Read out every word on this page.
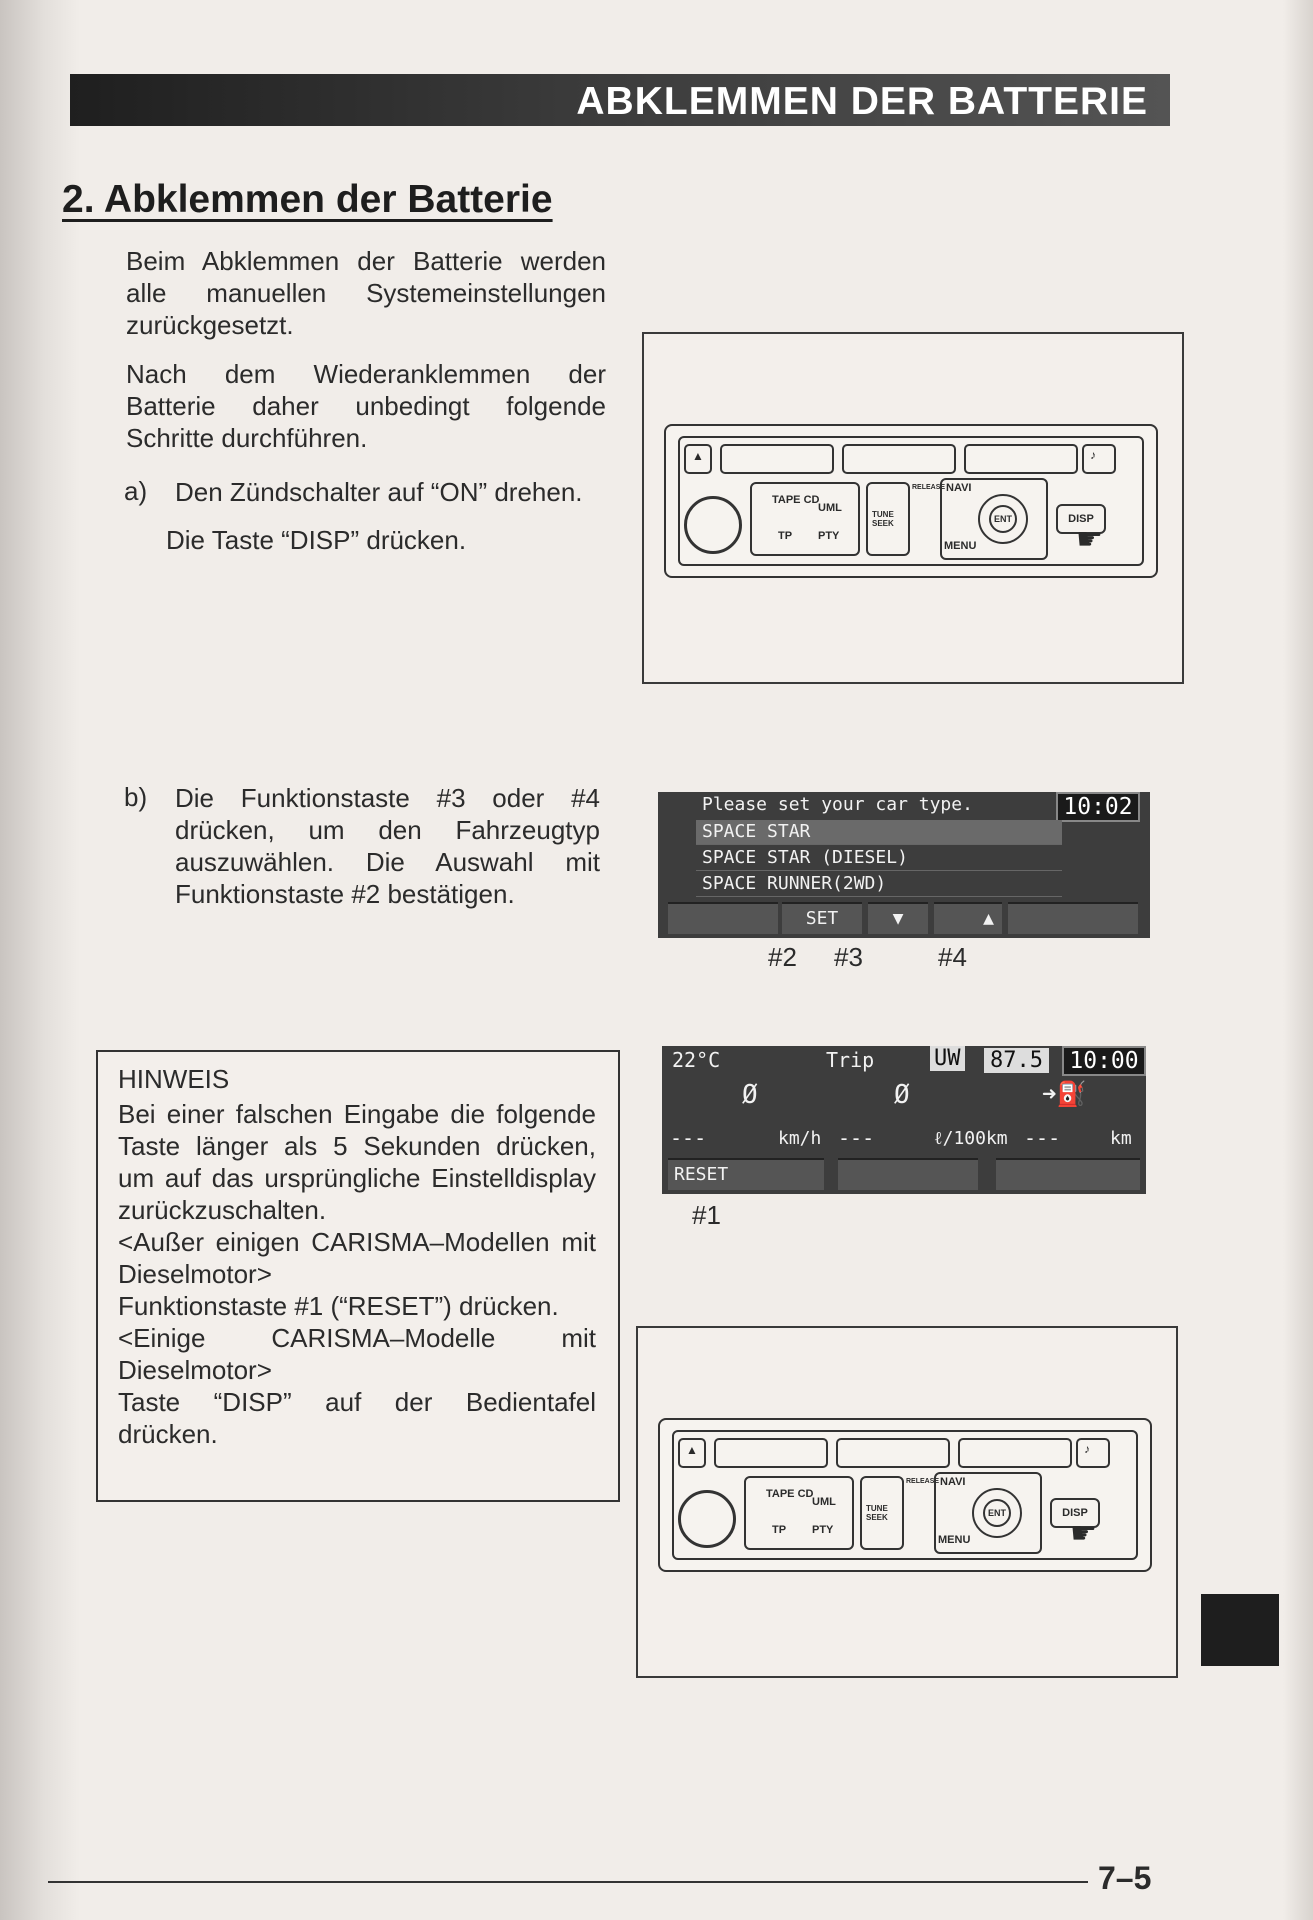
ABKLEMMEN DER BATTERIE
2. Abklemmen der Batterie
Beim Abklemmen der Batterie werden alle manuellen Systemeinstellungen zurückgesetzt.
Nach dem Wiederanklemmen der Batterie daher unbedingt folgende Schritte durchführen.
a) Den Zündschalter auf “ON” drehen.
Die Taste “DISP” drücken.
▲	♪
TAPE CD
UML
TP PTY
TUNE SEEK
RELEASE NAVI
MENU
ENT	DISP
☛
b) Die Funktionstaste #3 oder #4 drücken, um den Fahrzeugtyp auszuwählen. Die Auswahl mit Funktionstaste #2 bestätigen.
Please set your car type.	10:02
SPACE STAR
SPACE STAR (DIESEL)
SPACE RUNNER(2WD)
SET	▼	▲
#2 #3	#4
22°C	Trip	UW 87.5	10:00
Ø	Ø	➜⛽
---	km/h ---	ℓ/100km ---	km
RESET
#1
HINWEIS
Bei einer falschen Eingabe die folgende Taste länger als 5 Sekunden drücken, um auf das ursprüngliche Einstelldisplay zurückzuschalten.
<Außer einigen CARISMA–Modellen mit Dieselmotor>
Funktionstaste #1 (“RESET”) drücken.
<Einige CARISMA–Modelle mit Dieselmotor>
Taste “DISP” auf der Bedientafel drücken.
▲	♪
TAPE CD
UML
TP PTY
TUNE SEEK
RELEASE NAVI
MENU
ENT	DISP
☛
7–5
